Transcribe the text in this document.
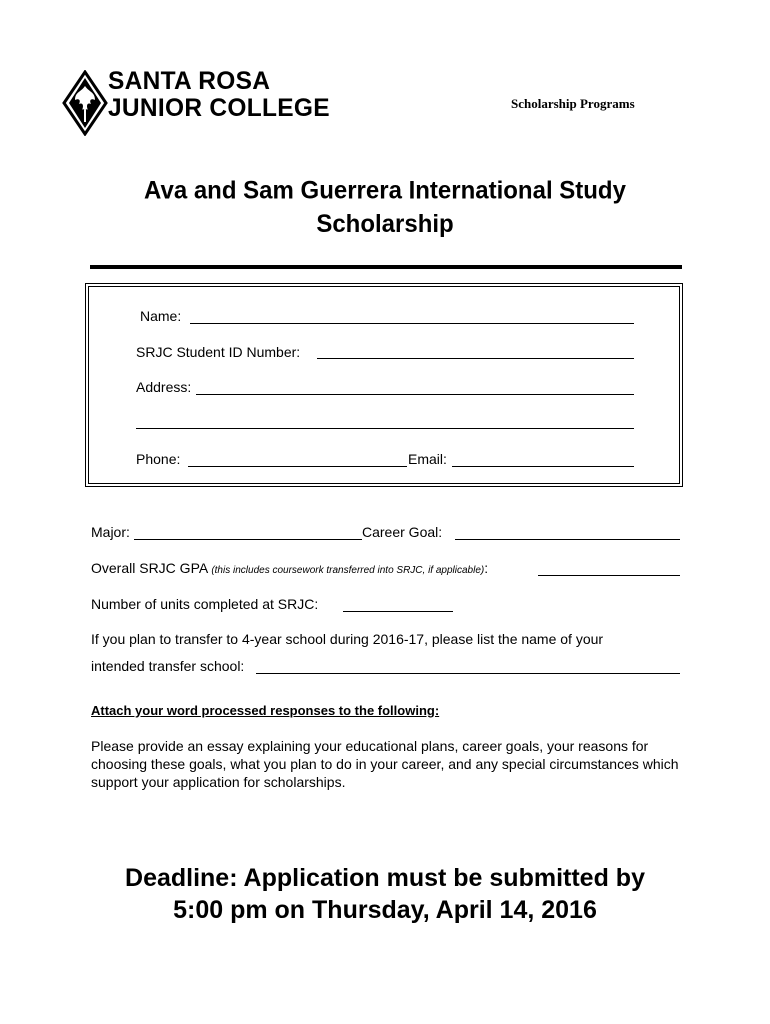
SANTA ROSA
JUNIOR COLLEGE	Scholarship Programs
Ava and Sam Guerrera International Study
Scholarship
Name:
SRJC Student ID Number:
Address:
Phone:	Email:
Major:	Career Goal:
Overall SRJC GPA (this includes coursework transferred into SRJC, if applicable):
Number of units completed at SRJC:
If you plan to transfer to 4-year school during 2016-17, please list the name of your
intended transfer school:
Attach your word processed responses to the following:
Please provide an essay explaining your educational plans, career goals, your reasons for choosing these goals, what you plan to do in your career, and any special circumstances which support your application for scholarships.
Deadline: Application must be submitted by
5:00 pm on Thursday, April 14, 2016
